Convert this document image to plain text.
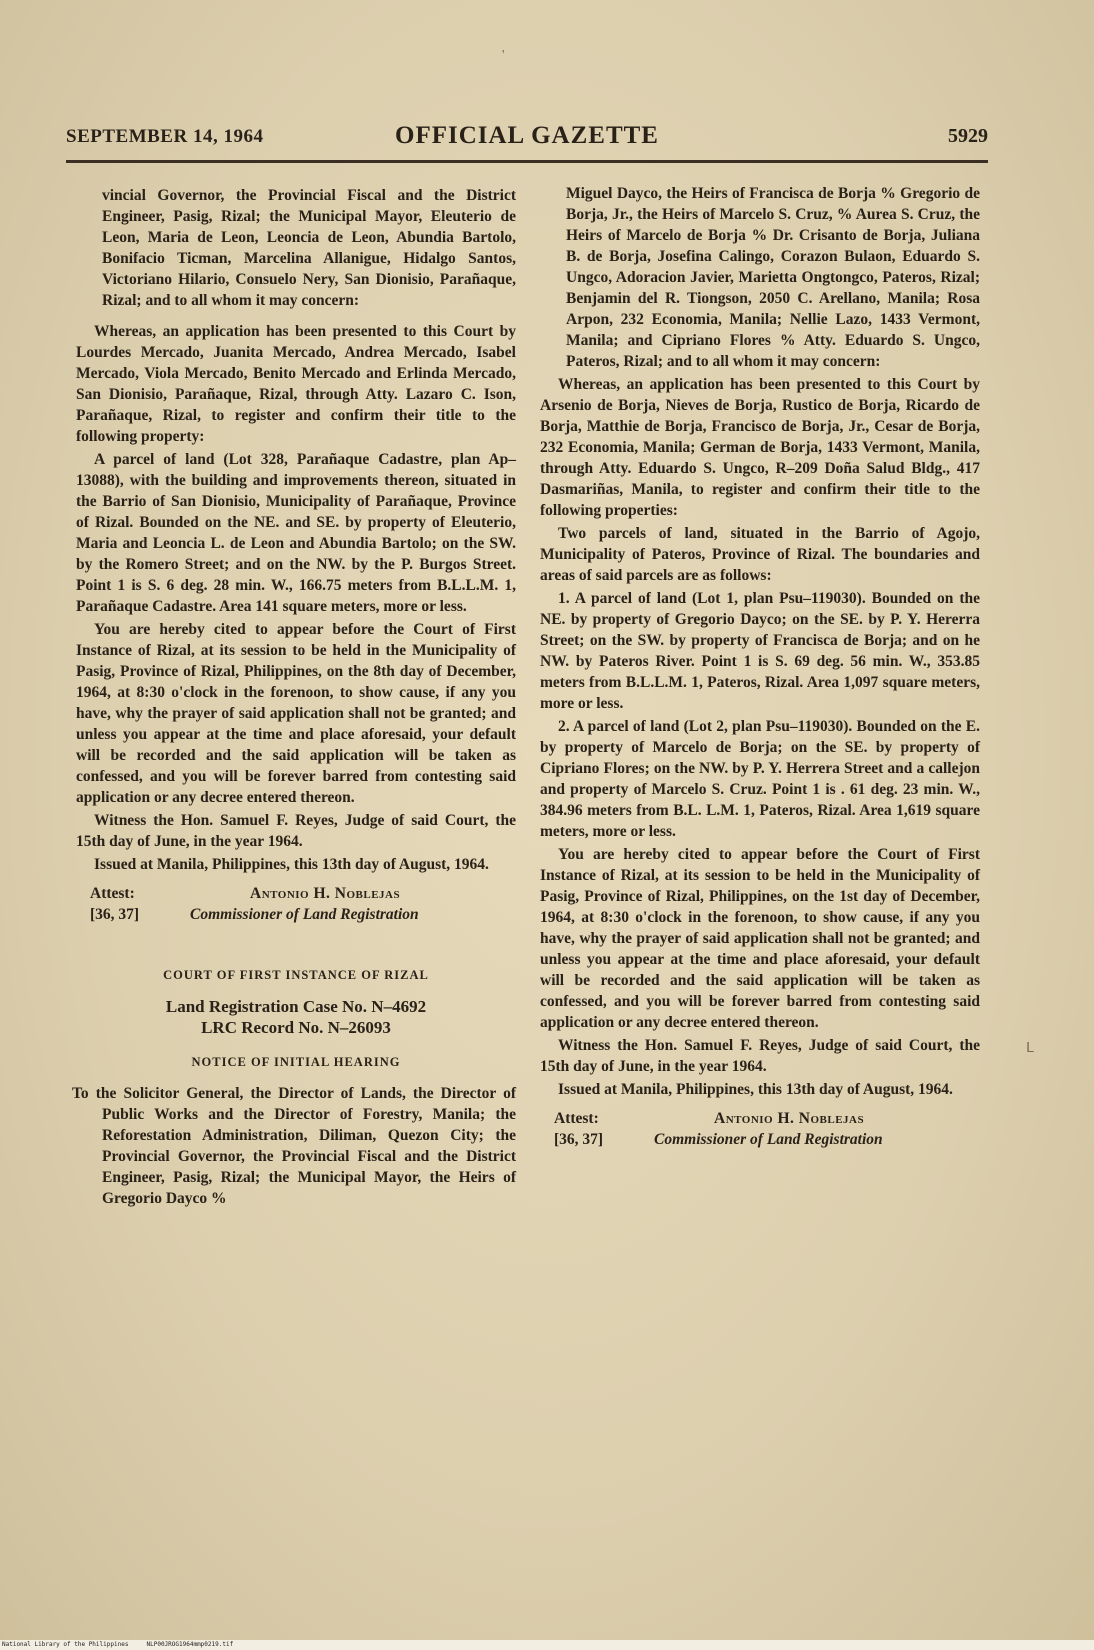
'
SEPTEMBER 14, 1964	OFFICIAL GAZETTE	5929

vincial Governor, the Provincial Fiscal and the District Engineer, Pasig, Rizal; the Municipal Mayor, Eleuterio de Leon, Maria de Leon, Leoncia de Leon, Abundia Bartolo, Bonifacio Ticman, Marcelina Allanigue, Hidalgo Santos, Victoriano Hilario, Consuelo Nery, San Dionisio, Parañaque, Rizal; and to all whom it may concern:

Whereas, an application has been presented to this Court by Lourdes Mercado, Juanita Mercado, Andrea Mercado, Isabel Mercado, Viola Mercado, Benito Mercado and Erlinda Mercado, San Dionisio, Parañaque, Rizal, through Atty. Lazaro C. Ison, Parañaque, Rizal, to register and confirm their title to the following property:

A parcel of land (Lot 328, Parañaque Cadastre, plan Ap–13088), with the building and improvements thereon, situated in the Barrio of San Dionisio, Municipality of Parañaque, Province of Rizal. Bounded on the NE. and SE. by property of Eleuterio, Maria and Leoncia L. de Leon and Abundia Bartolo; on the SW. by the Romero Street; and on the NW. by the P. Burgos Street. Point 1 is S. 6 deg. 28 min. W., 166.75 meters from B.L.L.M. 1, Parañaque Cadastre. Area 141 square meters, more or less.

You are hereby cited to appear before the Court of First Instance of Rizal, at its session to be held in the Municipality of Pasig, Province of Rizal, Philippines, on the 8th day of December, 1964, at 8:30 o'clock in the forenoon, to show cause, if any you have, why the prayer of said application shall not be granted; and unless you appear at the time and place aforesaid, your default will be recorded and the said application will be taken as confessed, and you will be forever barred from contesting said application or any decree entered thereon.

Witness the Hon. Samuel F. Reyes, Judge of said Court, the 15th day of June, in the year 1964.

Issued at Manila, Philippines, this 13th day of August, 1964.

Attest:	Antonio H. Noblejas
[36, 37]	Commissioner of Land Registration
COURT OF FIRST INSTANCE OF RIZAL
Land Registration Case No. N–4692
LRC Record No. N–26093
NOTICE OF INITIAL HEARING

To the Solicitor General, the Director of Lands, the Director of Public Works and the Director of Forestry, Manila; the Reforestation Administration, Diliman, Quezon City; the Provincial Governor, the Provincial Fiscal and the District Engineer, Pasig, Rizal; the Municipal Mayor, the Heirs of Gregorio Dayco %

Miguel Dayco, the Heirs of Francisca de Borja % Gregorio de Borja, Jr., the Heirs of Marcelo S. Cruz, % Aurea S. Cruz, the Heirs of Marcelo de Borja % Dr. Crisanto de Borja, Juliana B. de Borja, Josefina Calingo, Corazon Bulaon, Eduardo S. Ungco, Adoracion Javier, Marietta Ongtongco, Pateros, Rizal; Benjamin del R. Tiongson, 2050 C. Arellano, Manila; Rosa Arpon, 232 Economia, Manila; Nellie Lazo, 1433 Vermont, Manila; and Cipriano Flores % Atty. Eduardo S. Ungco, Pateros, Rizal; and to all whom it may concern:

Whereas, an application has been presented to this Court by Arsenio de Borja, Nieves de Borja, Rustico de Borja, Ricardo de Borja, Matthie de Borja, Francisco de Borja, Jr., Cesar de Borja, 232 Economia, Manila; German de Borja, 1433 Vermont, Manila, through Atty. Eduardo S. Ungco, R–209 Doña Salud Bldg., 417 Dasmariñas, Manila, to register and confirm their title to the following properties:

Two parcels of land, situated in the Barrio of Agojo, Municipality of Pateros, Province of Rizal. The boundaries and areas of said parcels are as follows:

1. A parcel of land (Lot 1, plan Psu–119030). Bounded on the NE. by property of Gregorio Dayco; on the SE. by P. Y. Hererra Street; on the SW. by property of Francisca de Borja; and on he NW. by Pateros River. Point 1 is S. 69 deg. 56 min. W., 353.85 meters from B.L.L.M. 1, Pateros, Rizal. Area 1,097 square meters, more or less.

2. A parcel of land (Lot 2, plan Psu–119030). Bounded on the E. by property of Marcelo de Borja; on the SE. by property of Cipriano Flores; on the NW. by P. Y. Herrera Street and a callejon and property of Marcelo S. Cruz. Point 1 is . 61 deg. 23 min. W., 384.96 meters from B.L. L.M. 1, Pateros, Rizal. Area 1,619 square meters, more or less.

You are hereby cited to appear before the Court of First Instance of Rizal, at its session to be held in the Municipality of Pasig, Province of Rizal, Philippines, on the 1st day of December, 1964, at 8:30 o'clock in the forenoon, to show cause, if any you have, why the prayer of said application shall not be granted; and unless you appear at the time and place aforesaid, your default will be recorded and the said application will be taken as confessed, and you will be forever barred from contesting said application or any decree entered thereon.

Witness the Hon. Samuel F. Reyes, Judge of said Court, the 15th day of June, in the year 1964.

Issued at Manila, Philippines, this 13th day of August, 1964.

Attest:	Antonio H. Noblejas
[36, 37]	Commissioner of Land Registration
ᒪ
National Library of the Philippines	NLP00JROG1964mmp0219.tif
